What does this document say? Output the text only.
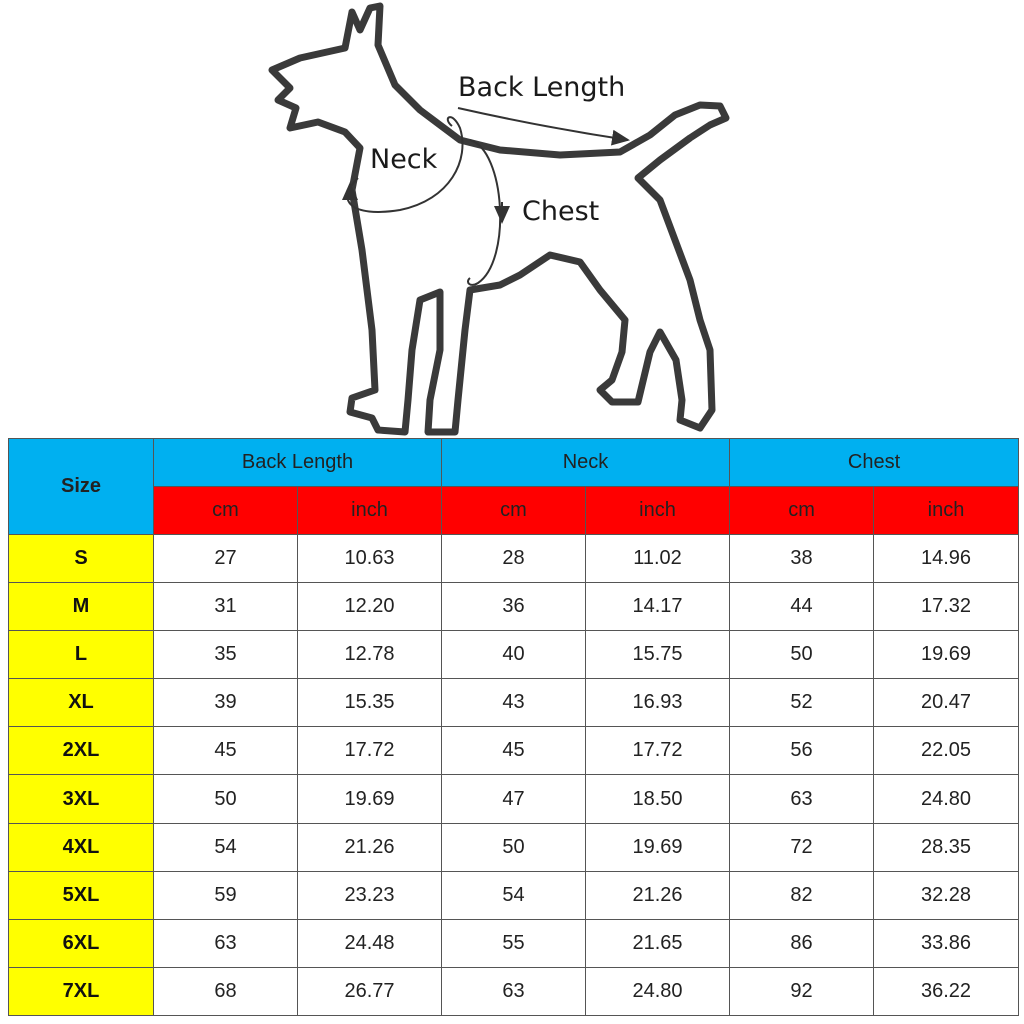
Back Length
Neck
Chest
Size	Back Length		Neck		Chest	
	cm	inch	cm	inch	cm	inch
S	27	10.63	28	11.02	38	14.96
M	31	12.20	36	14.17	44	17.32
L	35	12.78	40	15.75	50	19.69
XL	39	15.35	43	16.93	52	20.47
2XL	45	17.72	45	17.72	56	22.05
3XL	50	19.69	47	18.50	63	24.80
4XL	54	21.26	50	19.69	72	28.35
5XL	59	23.23	54	21.26	82	32.28
6XL	63	24.48	55	21.65	86	33.86
7XL	68	26.77	63	24.80	92	36.22
